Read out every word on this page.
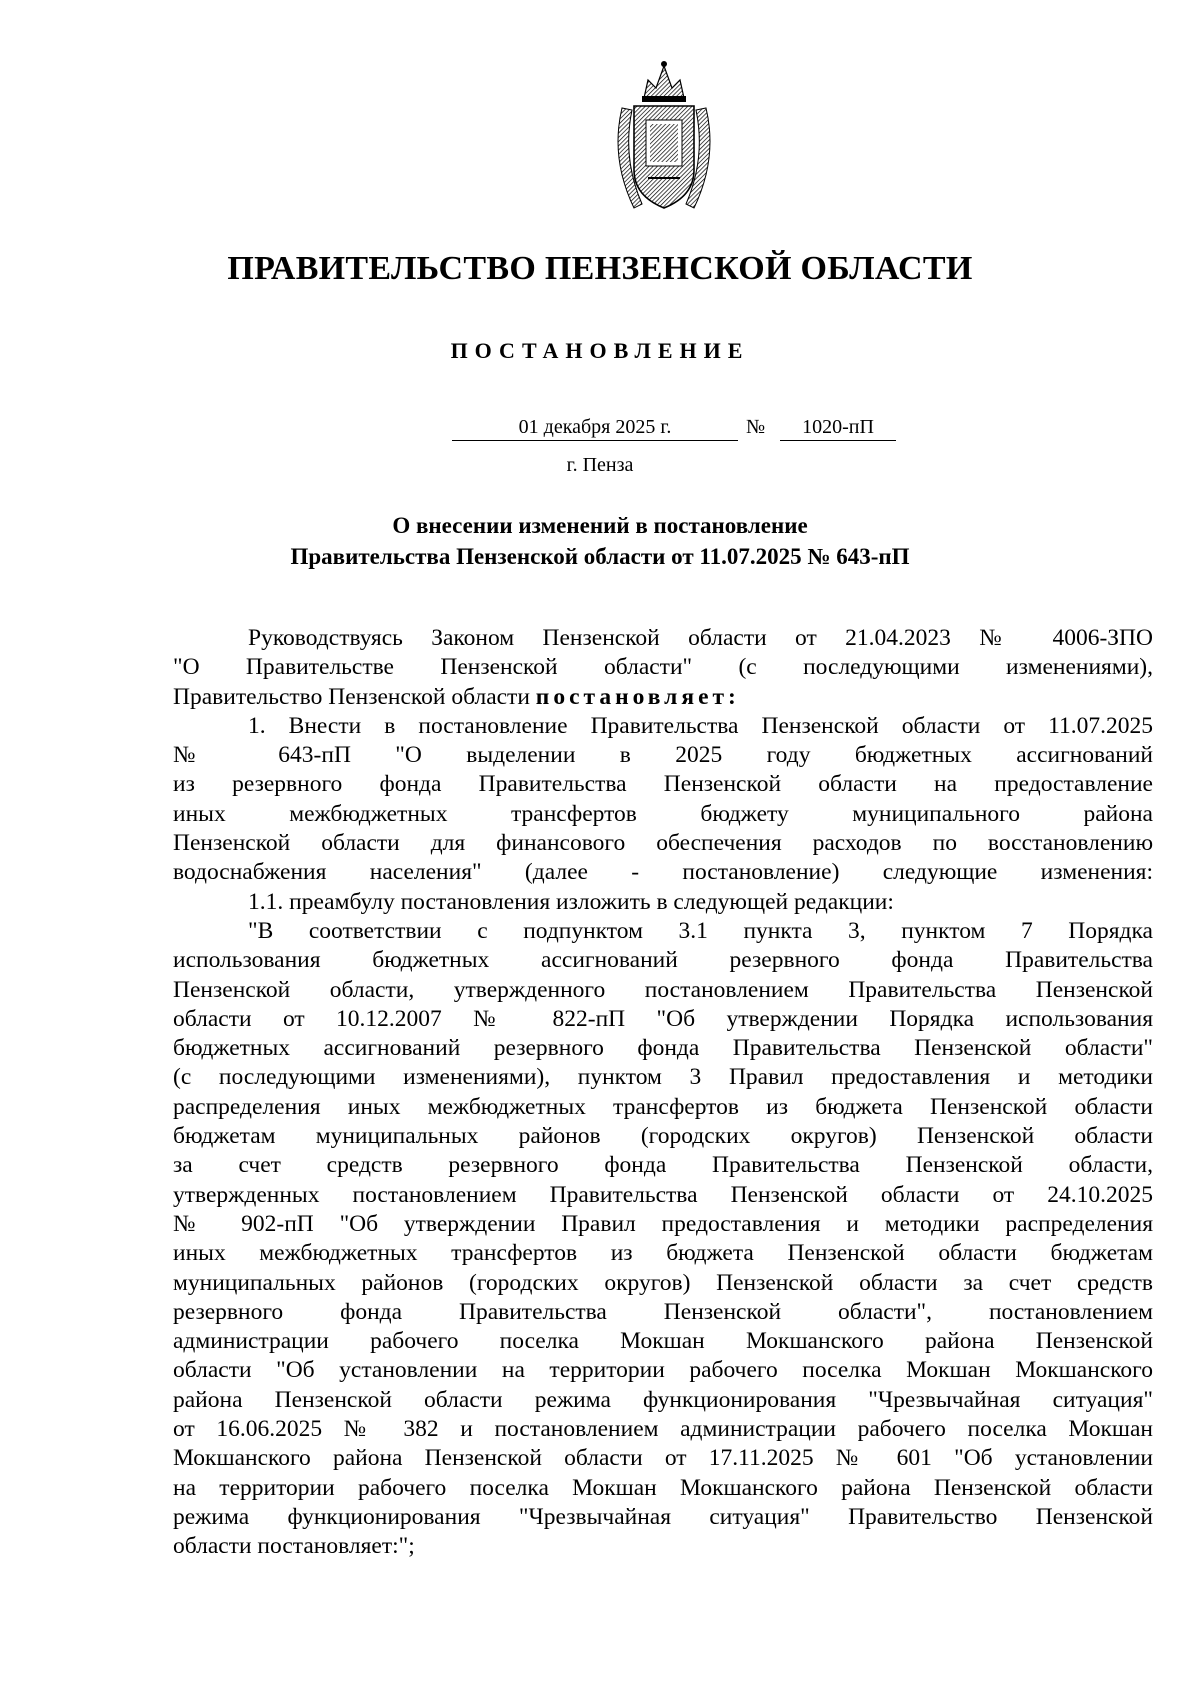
ПРАВИТЕЛЬСТВО ПЕНЗЕНСКОЙ ОБЛАСТИ
ПОСТАНОВЛЕНИЕ
01 декабря 2025 г.	№	1020-пП
г. Пенза
О внесении изменений в постановление
Правительства Пензенской области от 11.07.2025 № 643-пП
Руководствуясь Законом Пензенской области от 21.04.2023 № 4006-ЗПО
"О Правительстве Пензенской области" (с последующими изменениями),
Правительство Пензенской области постановляет:
1. Внести в постановление Правительства Пензенской области от 11.07.2025
№ 643-пП "О выделении в 2025 году бюджетных ассигнований
из резервного фонда Правительства Пензенской области на предоставление
иных межбюджетных трансфертов бюджету муниципального района
Пензенской области для финансового обеспечения расходов по восстановлению
водоснабжения населения" (далее - постановление) следующие изменения:
1.1. преамбулу постановления изложить в следующей редакции:
"В соответствии с подпунктом 3.1 пункта 3, пунктом 7 Порядка
использования бюджетных ассигнований резервного фонда Правительства
Пензенской области, утвержденного постановлением Правительства Пензенской
области от 10.12.2007 № 822-пП "Об утверждении Порядка использования
бюджетных ассигнований резервного фонда Правительства Пензенской области"
(с последующими изменениями), пунктом 3 Правил предоставления и методики
распределения иных межбюджетных трансфертов из бюджета Пензенской области
бюджетам муниципальных районов (городских округов) Пензенской области
за счет средств резервного фонда Правительства Пензенской области,
утвержденных постановлением Правительства Пензенской области от 24.10.2025
№ 902-пП "Об утверждении Правил предоставления и методики распределения
иных межбюджетных трансфертов из бюджета Пензенской области бюджетам
муниципальных районов (городских округов) Пензенской области за счет средств
резервного фонда Правительства Пензенской области", постановлением
администрации рабочего поселка Мокшан Мокшанского района Пензенской
области "Об установлении на территории рабочего поселка Мокшан Мокшанского
района Пензенской области режима функционирования "Чрезвычайная ситуация"
от 16.06.2025 № 382 и постановлением администрации рабочего поселка Мокшан
Мокшанского района Пензенской области от 17.11.2025 № 601 "Об установлении
на территории рабочего поселка Мокшан Мокшанского района Пензенской области
режима функционирования "Чрезвычайная ситуация" Правительство Пензенской
области постановляет:";
